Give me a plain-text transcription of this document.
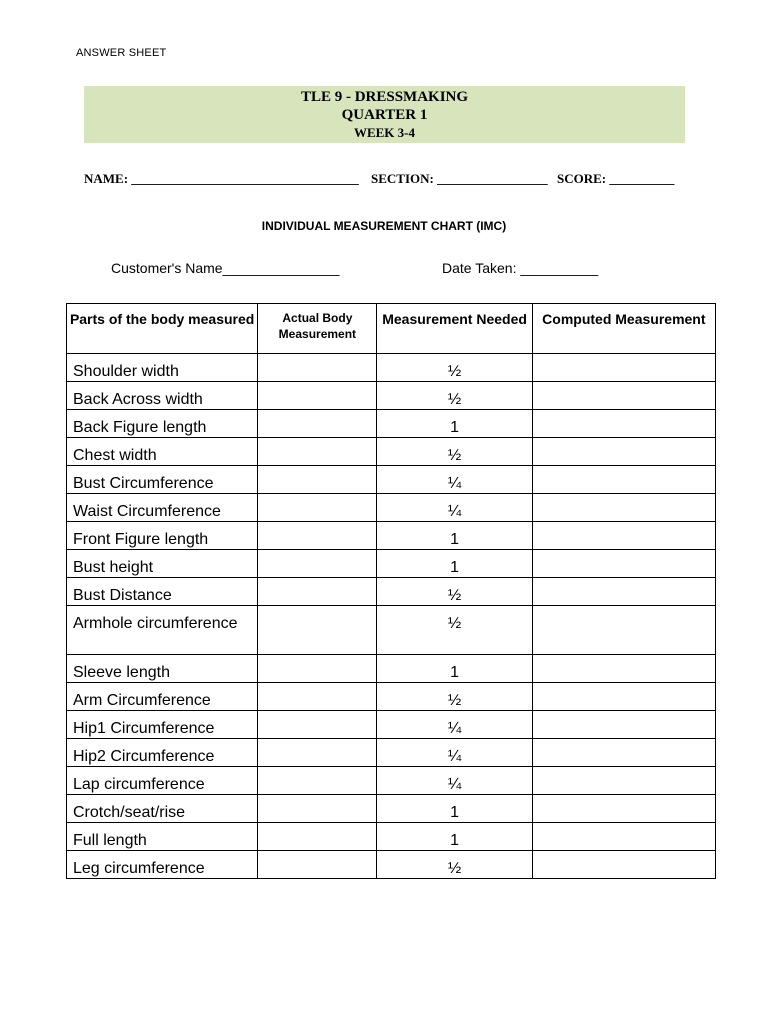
ANSWER SHEET
TLE 9 - DRESSMAKING
QUARTER 1
WEEK 3-4
NAME: ___________________________________ SECTION: _________________ SCORE: __________
INDIVIDUAL MEASUREMENT CHART (IMC)
Customer's Name_______________	Date Taken: __________
Parts of the body measured	Actual Body Measurement	Measurement Needed	Computed Measurement
Shoulder width		½	
Back Across width		½	
Back Figure length		1	
Chest width		½	
Bust Circumference		¼	
Waist Circumference		¼	
Front Figure length		1	
Bust height		1	
Bust Distance		½	
Armhole circumference		½	
Sleeve length		1	
Arm Circumference		½	
Hip1 Circumference		¼	
Hip2 Circumference		¼	
Lap circumference		¼	
Crotch/seat/rise		1	
Full length		1	
Leg circumference		½	
